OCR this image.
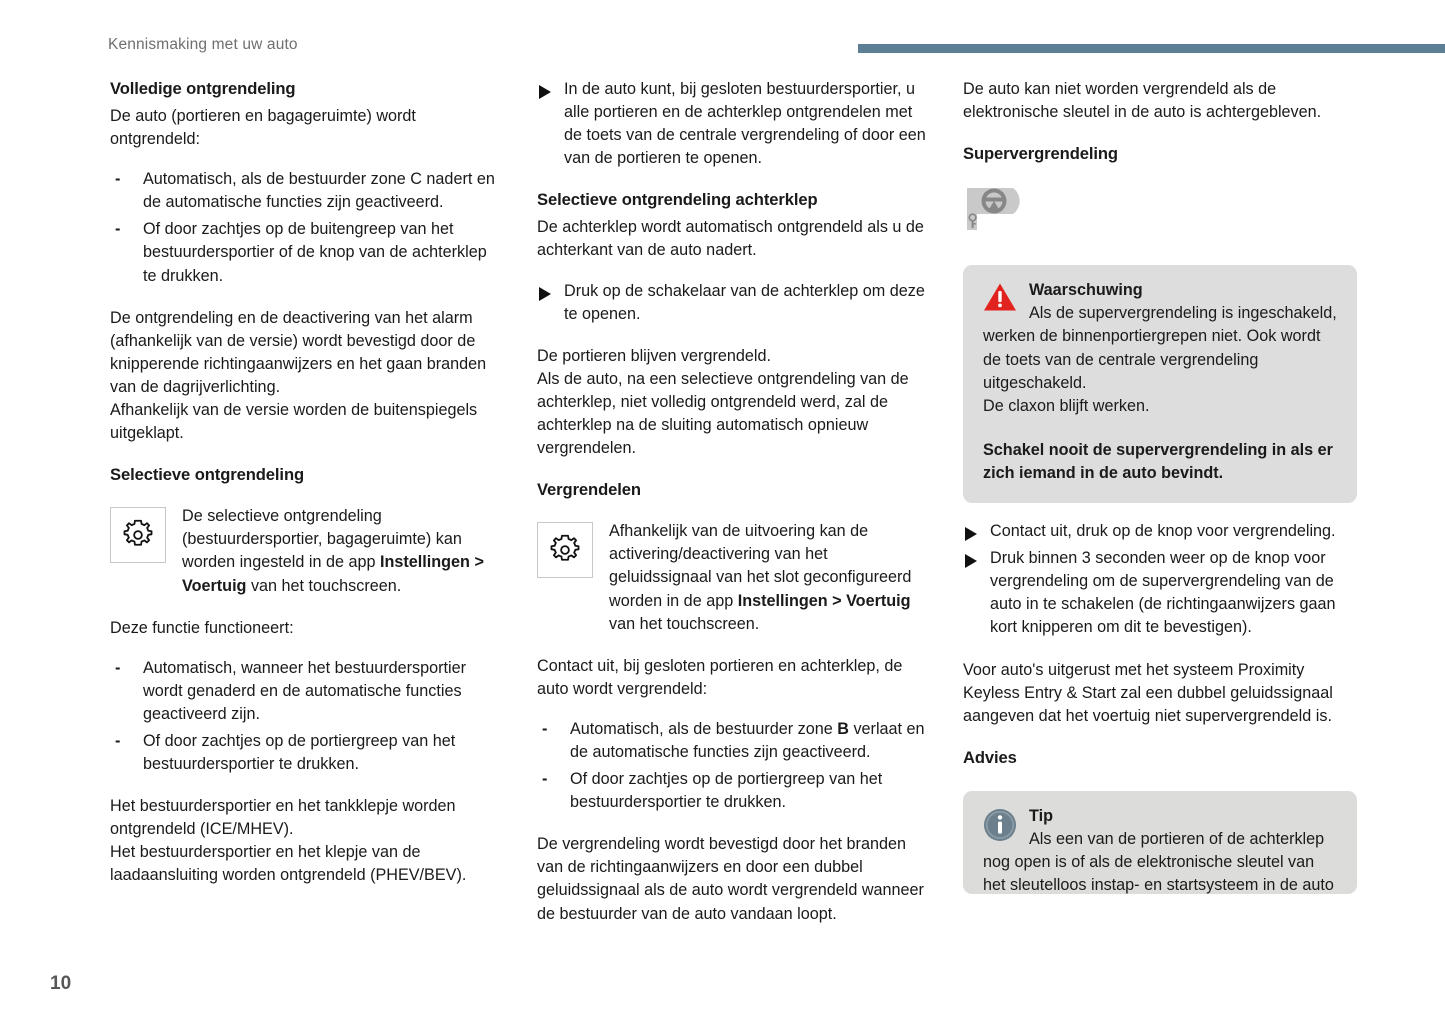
Kennismaking met uw auto
Volledige ontgrendeling

De auto (portieren en bagageruimte) wordt ontgrendeld:

- Automatisch, als de bestuurder zone C nadert en de automatische functies zijn geactiveerd.
- Of door zachtjes op de buitengreep van het bestuurdersportier of de knop van de achterklep te drukken.

De ontgrendeling en de deactivering van het alarm (afhankelijk van de versie) wordt bevestigd door de knipperende richtingaanwijzers en het gaan branden van de dagrijverlichting.

Afhankelijk van de versie worden de buitenspiegels uitgeklapt.

Selectieve ontgrendeling
De selectieve ontgrendeling (bestuurdersportier, bagageruimte) kan worden ingesteld in de app Instellingen > Voertuig van het touchscreen.

Deze functie functioneert:

- Automatisch, wanneer het bestuurdersportier wordt genaderd en de automatische functies geactiveerd zijn.
- Of door zachtjes op de portiergreep van het bestuurdersportier te drukken.

Het bestuurdersportier en het tankklepje worden ontgrendeld (ICE/MHEV).

Het bestuurdersportier en het klepje van de laadaansluiting worden ontgrendeld (PHEV/BEV).

In de auto kunt, bij gesloten bestuurdersportier, u alle portieren en de achterklep ontgrendelen met de toets van de centrale vergrendeling of door een van de portieren te openen.
Selectieve ontgrendeling achterklep

De achterklep wordt automatisch ontgrendeld als u de achterkant van de auto nadert.

Druk op de schakelaar van de achterklep om deze te openen.

De portieren blijven vergrendeld.

Als de auto, na een selectieve ontgrendeling van de achterklep, niet volledig ontgrendeld werd, zal de achterklep na de sluiting automatisch opnieuw vergrendelen.

Vergrendelen
Afhankelijk van de uitvoering kan de activering/deactivering van het geluidssignaal van het slot geconfigureerd worden in de app Instellingen > Voertuig van het touchscreen.

Contact uit, bij gesloten portieren en achterklep, de auto wordt vergrendeld:

- Automatisch, als de bestuurder zone B verlaat en de automatische functies zijn geactiveerd.
- Of door zachtjes op de portiergreep van het bestuurdersportier te drukken.

De vergrendeling wordt bevestigd door het branden van de richtingaanwijzers en door een dubbel geluidssignaal als de auto wordt vergrendeld wanneer de bestuurder van de auto vandaan loopt.

De auto kan niet worden vergrendeld als de elektronische sleutel in de auto is achtergebleven.

Supervergrendeling
Waarschuwing
Als de supervergrendeling is ingeschakeld, werken de binnenportiergrepen niet. Ook wordt de toets van de centrale vergrendeling uitgeschakeld.
De claxon blijft werken.
Schakel nooit de supervergrendeling in als er zich iemand in de auto bevindt.
Contact uit, druk op de knop voor vergrendeling.
Druk binnen 3 seconden weer op de knop voor vergrendeling om de supervergrendeling van de auto in te schakelen (de richtingaanwijzers gaan kort knipperen om dit te bevestigen).

Voor auto's uitgerust met het systeem Proximity Keyless Entry & Start zal een dubbel geluidssignaal aangeven dat het voertuig niet supervergrendeld is.

Advies
Tip
Als een van de portieren of de achterklep nog open is of als de elektronische sleutel van het sleutelloos instap- en startsysteem in de auto
10
